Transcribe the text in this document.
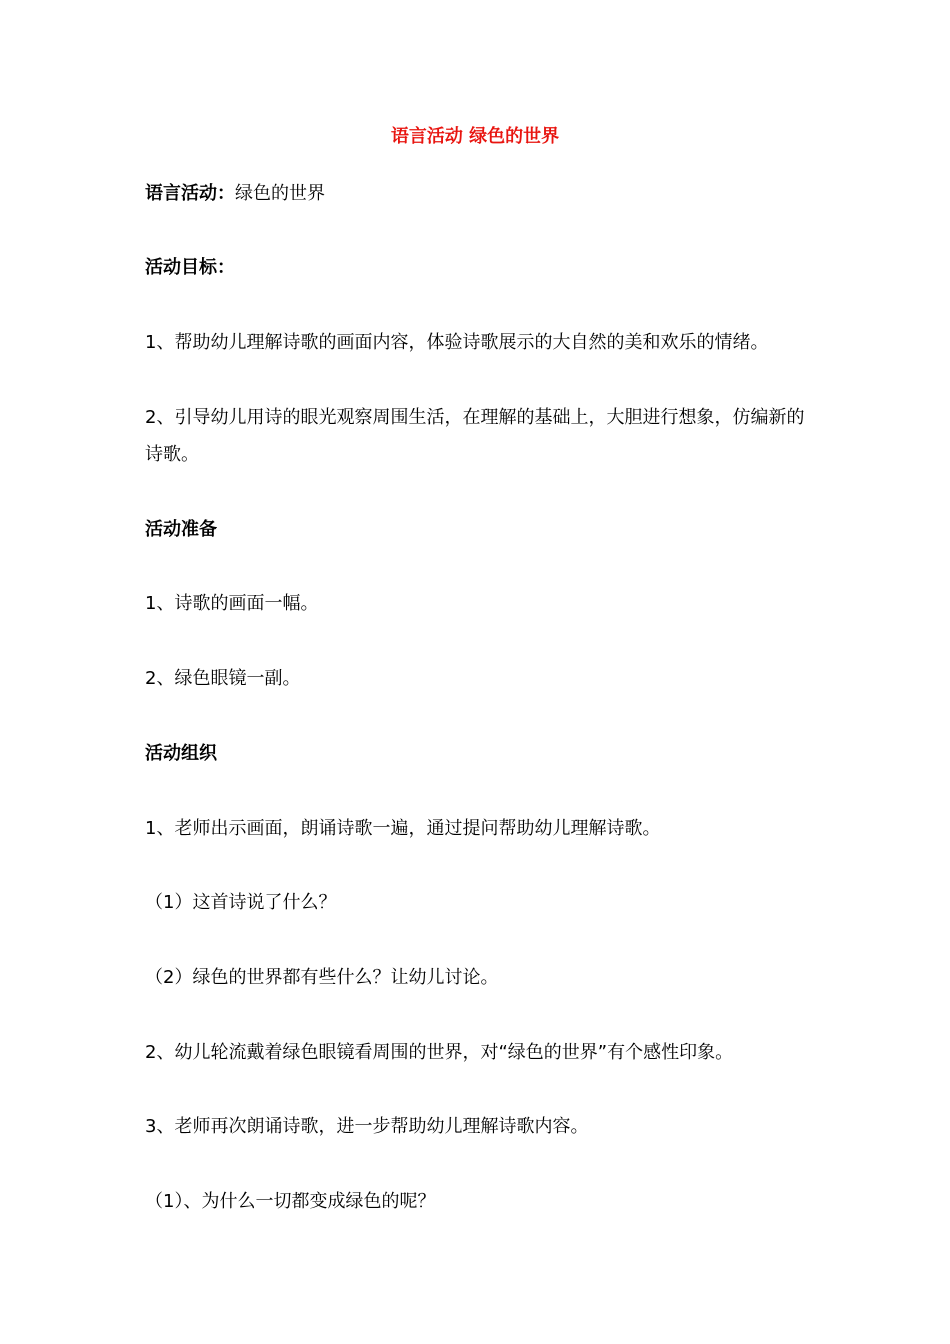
语言活动 绿色的世界
语言活动：绿色的世界
活动目标：
1、帮助幼儿理解诗歌的画面内容，体验诗歌展示的大自然的美和欢乐的情绪。
2、引导幼儿用诗的眼光观察周围生活，在理解的基础上，大胆进行想象，仿编新的诗歌。
活动准备
1、诗歌的画面一幅。
2、绿色眼镜一副。
活动组织
1、老师出示画面，朗诵诗歌一遍，通过提问帮助幼儿理解诗歌。
（1）这首诗说了什么？
（2）绿色的世界都有些什么？让幼儿讨论。
2、幼儿轮流戴着绿色眼镜看周围的世界，对“绿色的世界”有个感性印象。
3、老师再次朗诵诗歌，进一步帮助幼儿理解诗歌内容。
（1）、为什么一切都变成绿色的呢？
